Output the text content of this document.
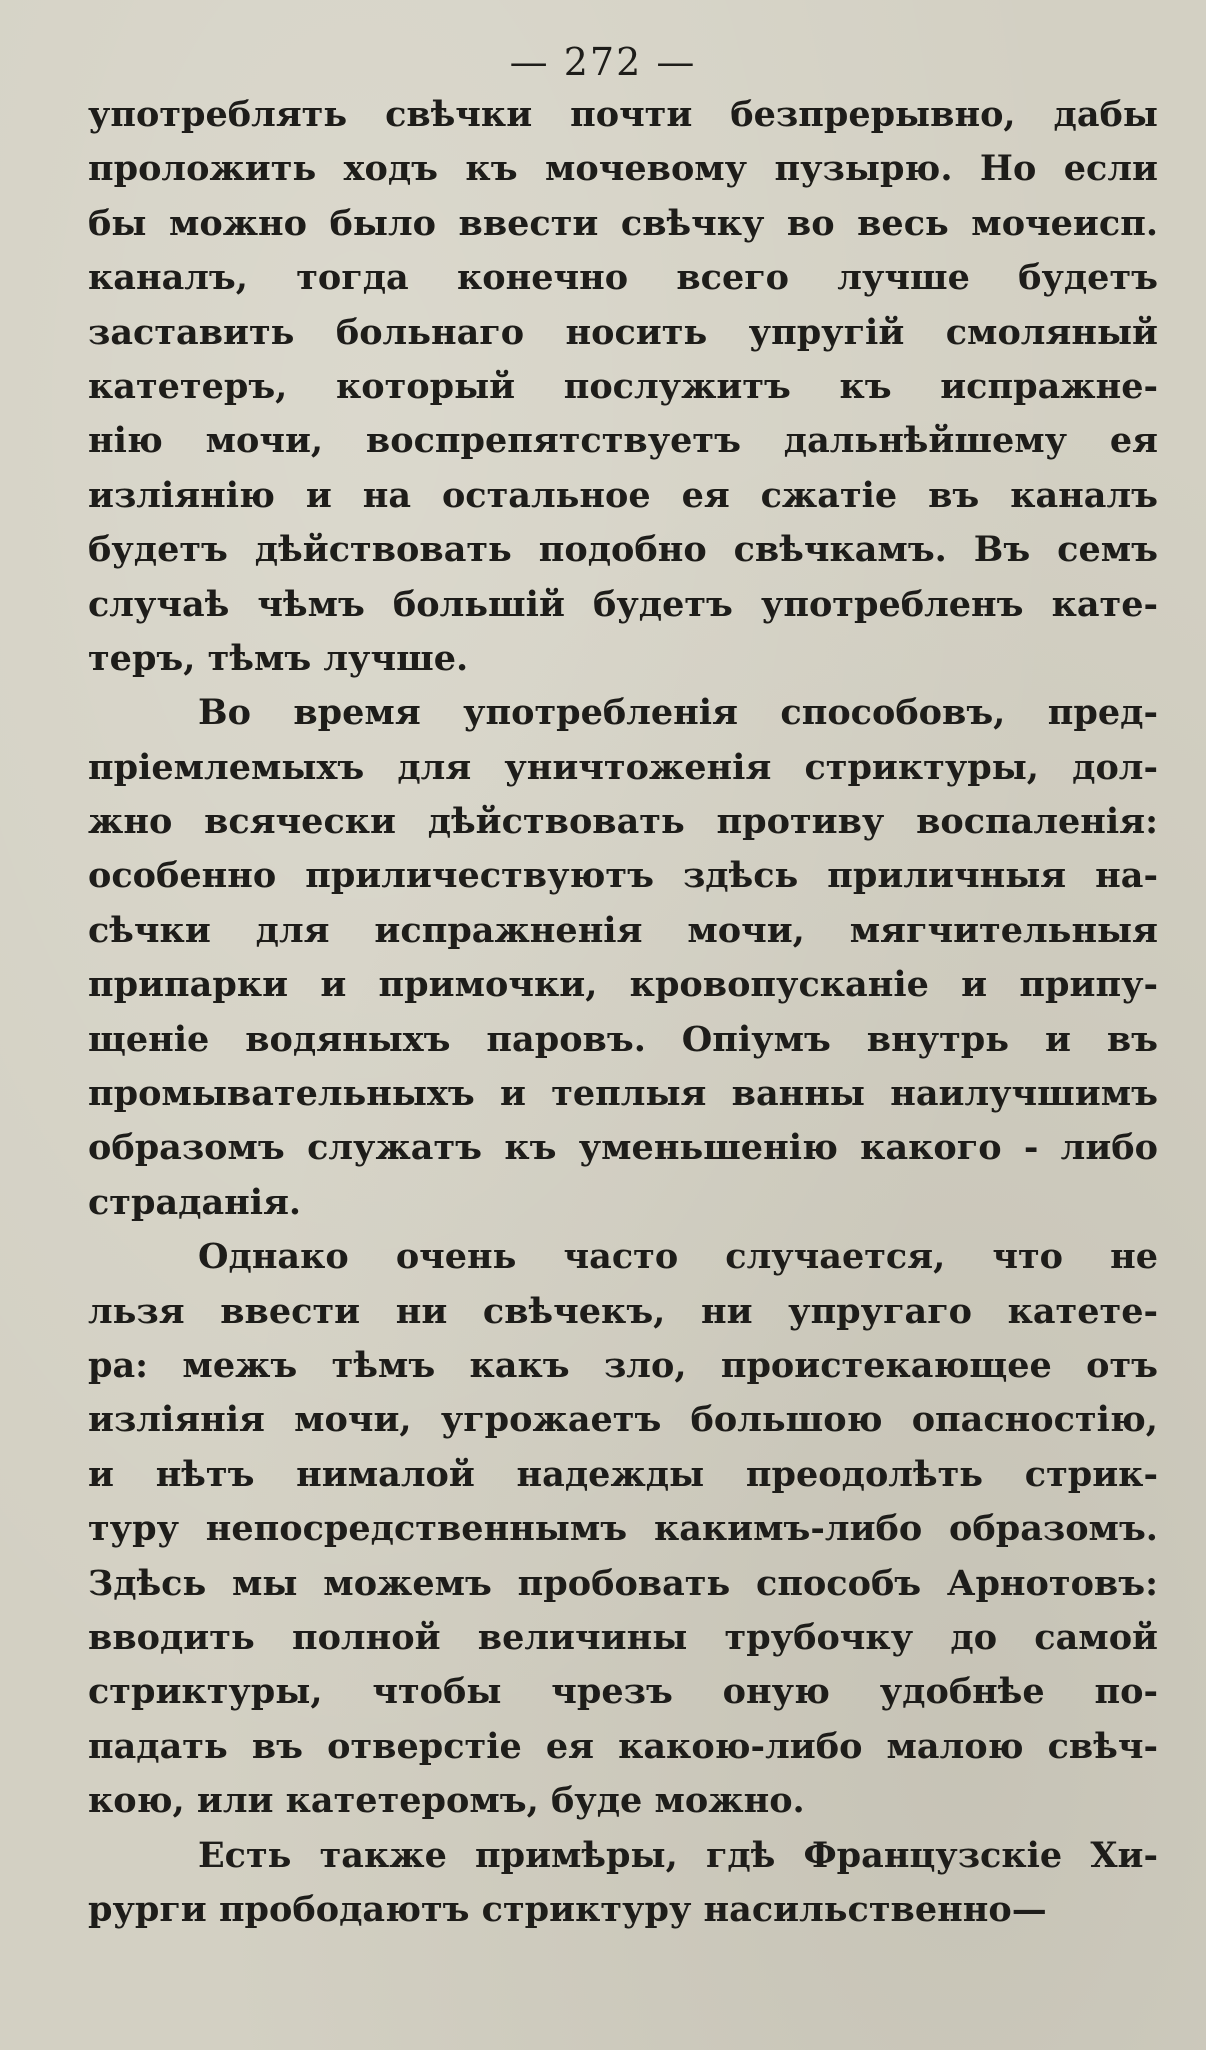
— 272 —
употреблять свѣчки почти безпрерывно, дабы
проложить ходъ къ мочевому пузырю. Но если
бы можно было ввести свѣчку во весь мочеисп.
каналъ, тогда конечно всего лучше будетъ
заставить больнаго носить упругій смоляный
катетеръ, который послужитъ къ испражне-
нію мочи, воспрепятствуетъ дальнѣйшему ея
изліянію и на остальное ея сжатіе въ каналъ
будетъ дѣйствовать подобно свѣчкамъ. Въ семъ
случаѣ чѣмъ большій будетъ употребленъ кате-
теръ, тѣмъ лучше.
Во время употребленія способовъ, пред-
пріемлемыхъ для уничтоженія стриктуры, дол-
жно всячески дѣйствовать противу воспаленія:
особенно приличествуютъ здѣсь приличныя на-
сѣчки для испражненія мочи, мягчительныя
припарки и примочки, кровопусканіе и припу-
щеніе водяныхъ паровъ. Опіумъ внутрь и въ
промывательныхъ и теплыя ванны наилучшимъ
образомъ служатъ къ уменьшенію какого - либо
страданія.
Однако очень часто случается, что не
льзя ввести ни свѣчекъ, ни упругаго катете-
ра: межъ тѣмъ какъ зло, проистекающее отъ
изліянія мочи, угрожаетъ большою опасностію,
и нѣтъ нималой надежды преодолѣть стрик-
туру непосредственнымъ какимъ-либо образомъ.
Здѣсь мы можемъ пробовать способъ Арнотовъ:
вводить полной величины трубочку до самой
стриктуры, чтобы чрезъ оную удобнѣе по-
падать въ отверстіе ея какою-либо малою свѣч-
кою, или катетеромъ, буде можно.
Есть также примѣры, гдѣ Французскіе Хи-
рурги прободаютъ стриктуру насильственно—
